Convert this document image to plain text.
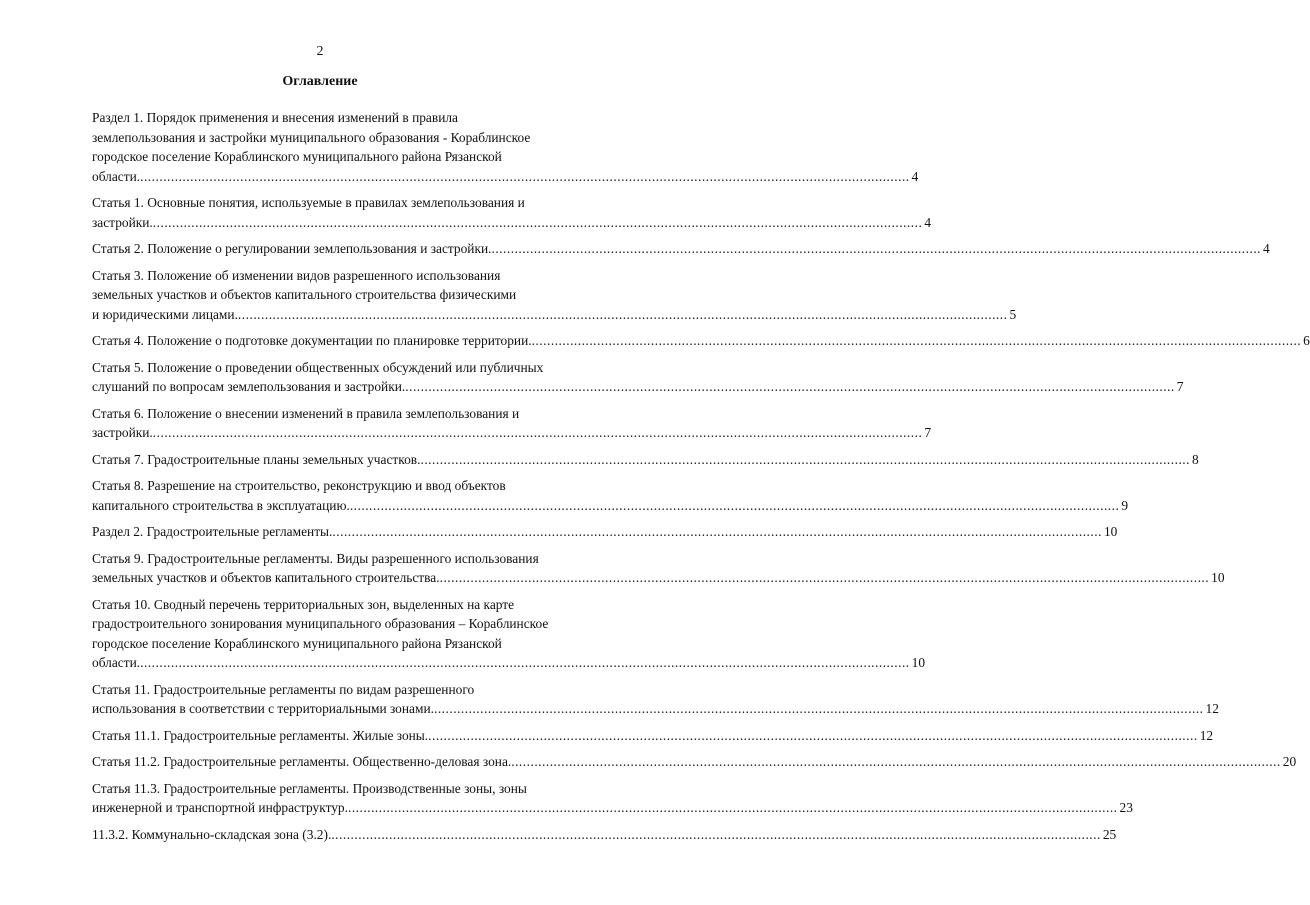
2
Оглавление
Раздел 1. Порядок применения и внесения изменений в правила
землепользования и застройки муниципального образования - Кораблинское
городское поселение Кораблинского муниципального района Рязанской
области. ........................................................................................................................................................................................................ 4
Статья 1. Основные понятия, используемые в правилах землепользования и
застройки. ........................................................................................................................................................................................................ 4
Статья 2. Положение о регулировании землепользования и застройки. ........................................................................................................................................................................................................ 4
Статья 3. Положение об изменении видов разрешенного использования
земельных участков и объектов капитального строительства физическими
и юридическими лицами. ........................................................................................................................................................................................................ 5
Статья 4. Положение о подготовке документации по планировке территории. ........................................................................................................................................................................................................ 6
Статья 5. Положение о проведении общественных обсуждений или публичных
слушаний по вопросам землепользования и застройки. ........................................................................................................................................................................................................ 7
Статья 6. Положение о внесении изменений в правила землепользования и
застройки. ........................................................................................................................................................................................................ 7
Статья 7. Градостроительные планы земельных участков. ........................................................................................................................................................................................................ 8
Статья 8. Разрешение на строительство, реконструкцию и ввод объектов
капитального строительства в эксплуатацию. ........................................................................................................................................................................................................ 9
Раздел 2. Градостроительные регламенты. ........................................................................................................................................................................................................ 10
Статья 9. Градостроительные регламенты. Виды разрешенного использования
земельных участков и объектов капитального строительства. ........................................................................................................................................................................................................ 10
Статья 10. Сводный перечень территориальных зон, выделенных на карте
градостроительного зонирования муниципального образования – Кораблинское
городское поселение Кораблинского муниципального района Рязанской
области. ........................................................................................................................................................................................................ 10
Статья 11. Градостроительные регламенты по видам разрешенного
использования в соответствии с территориальными зонами. ........................................................................................................................................................................................................ 12
Статья 11.1. Градостроительные регламенты. Жилые зоны. ........................................................................................................................................................................................................ 12
Статья 11.2. Градостроительные регламенты. Общественно-деловая зона. ........................................................................................................................................................................................................ 20
Статья 11.3. Градостроительные регламенты. Производственные зоны, зоны
инженерной и транспортной инфраструктур. ........................................................................................................................................................................................................ 23
11.3.2. Коммунально-складская зона (3.2). ........................................................................................................................................................................................................ 25
